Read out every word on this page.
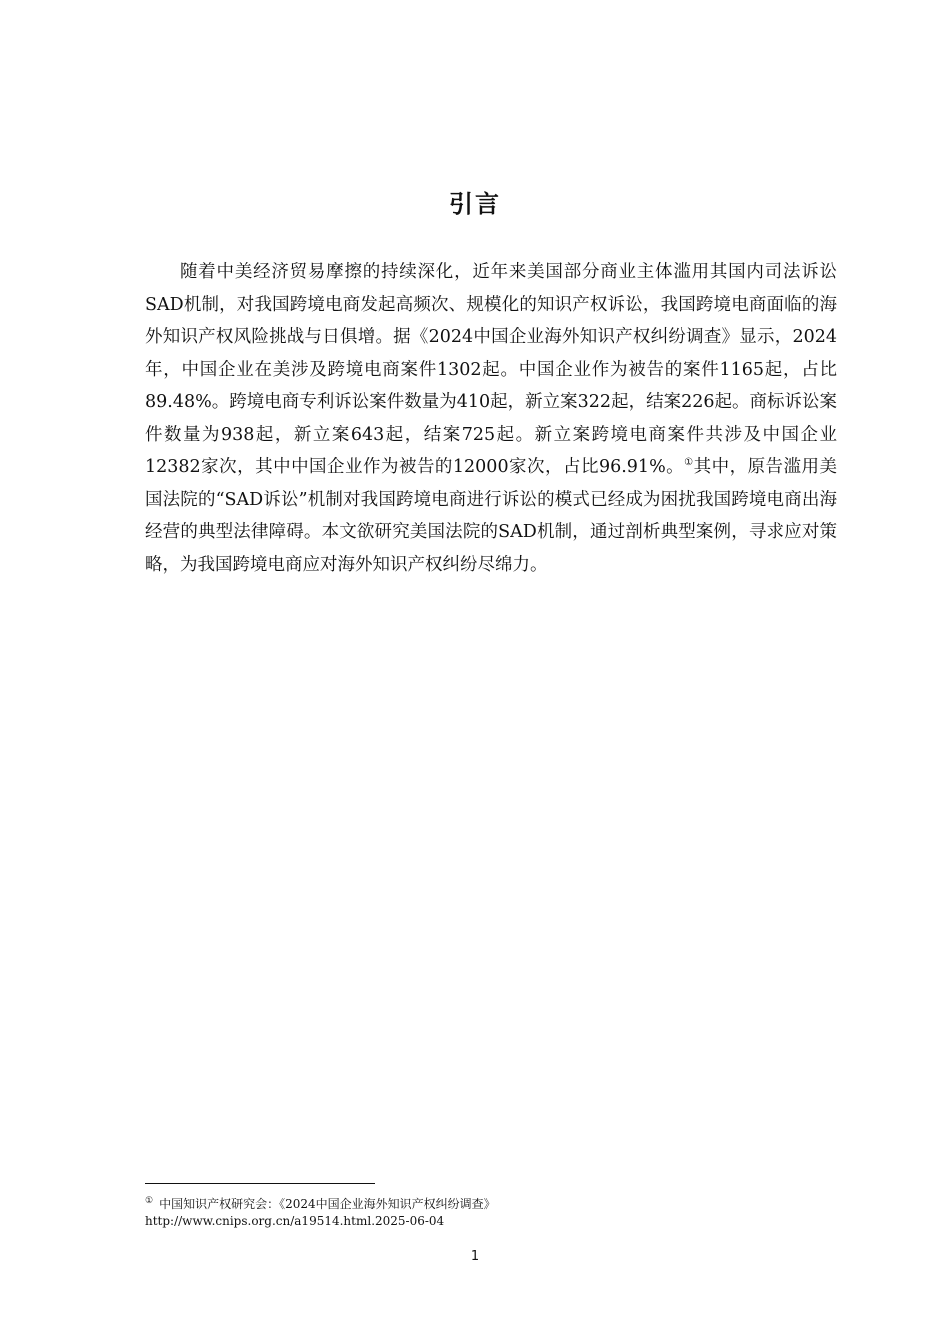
引言

随着中美经济贸易摩擦的持续深化，近年来美国部分商业主体滥用其国内司法诉讼SAD机制，对我国跨境电商发起高频次、规模化的知识产权诉讼，我国跨境电商面临的海外知识产权风险挑战与日俱增。据《2024中国企业海外知识产权纠纷调查》显示，2024年，中国企业在美涉及跨境电商案件1302起。中国企业作为被告的案件1165起，占比89.48%。跨境电商专利诉讼案件数量为410起，新立案322起，结案226起。商标诉讼案件数量为938起，新立案643起，结案725起。新立案跨境电商案件共涉及中国企业12382家次，其中中国企业作为被告的12000家次，占比96.91%。①其中，原告滥用美国法院的“SAD诉讼”机制对我国跨境电商进行诉讼的模式已经成为困扰我国跨境电商出海经营的典型法律障碍。本文欲研究美国法院的SAD机制，通过剖析典型案例，寻求应对策略，为我国跨境电商应对海外知识产权纠纷尽绵力。

① 中国知识产权研究会：《2024中国企业海外知识产权纠纷调查》http://www.cnips.org.cn/a19514.html.2025-06-04

1
